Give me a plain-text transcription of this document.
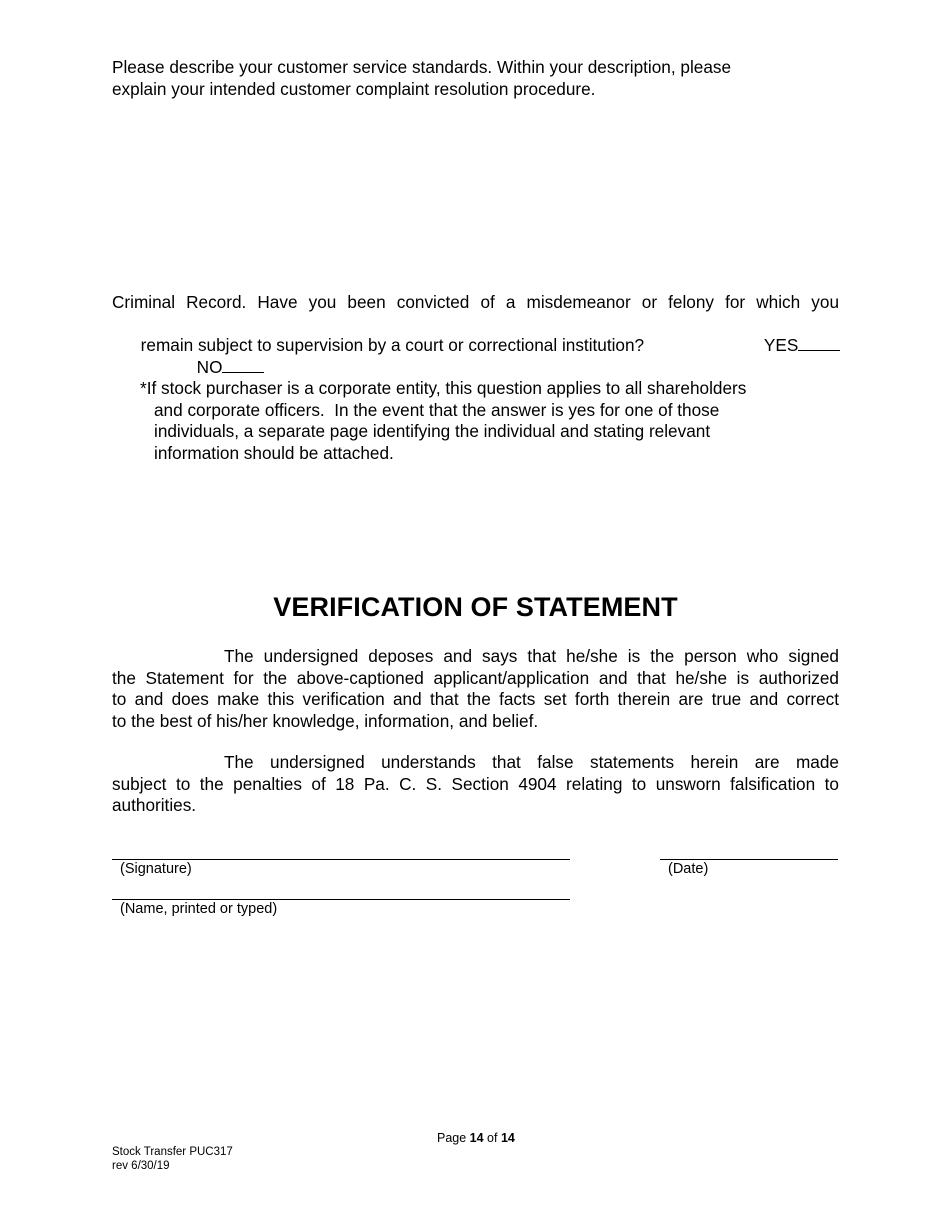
Please describe your customer service standards. Within your description, please
explain your intended customer complaint resolution procedure.
Criminal Record. Have you been convicted of a misdemeanor or felony for which you

remain subject to supervision by a court or correctional institution?
	YES

NO

*If stock purchaser is a corporate entity, this question applies to all shareholders
and corporate officers.  In the event that the answer is yes for one of those
individuals, a separate page identifying the individual and stating relevant
information should be attached.
VERIFICATION OF STATEMENT
The undersigned deposes and says that he/she is the person who signed
the Statement for the above-captioned applicant/application and that he/she is authorized
to and does make this verification and that the facts set forth therein are true and correct
to the best of his/her knowledge, information, and belief.
The undersigned understands that false statements herein are made
subject to the penalties of 18 Pa. C. S. Section 4904 relating to unsworn falsification to
authorities.
(Signature)	(Date)
(Name, printed or typed)
Page 14 of 14
Stock Transfer PUC317
rev 6/30/19
